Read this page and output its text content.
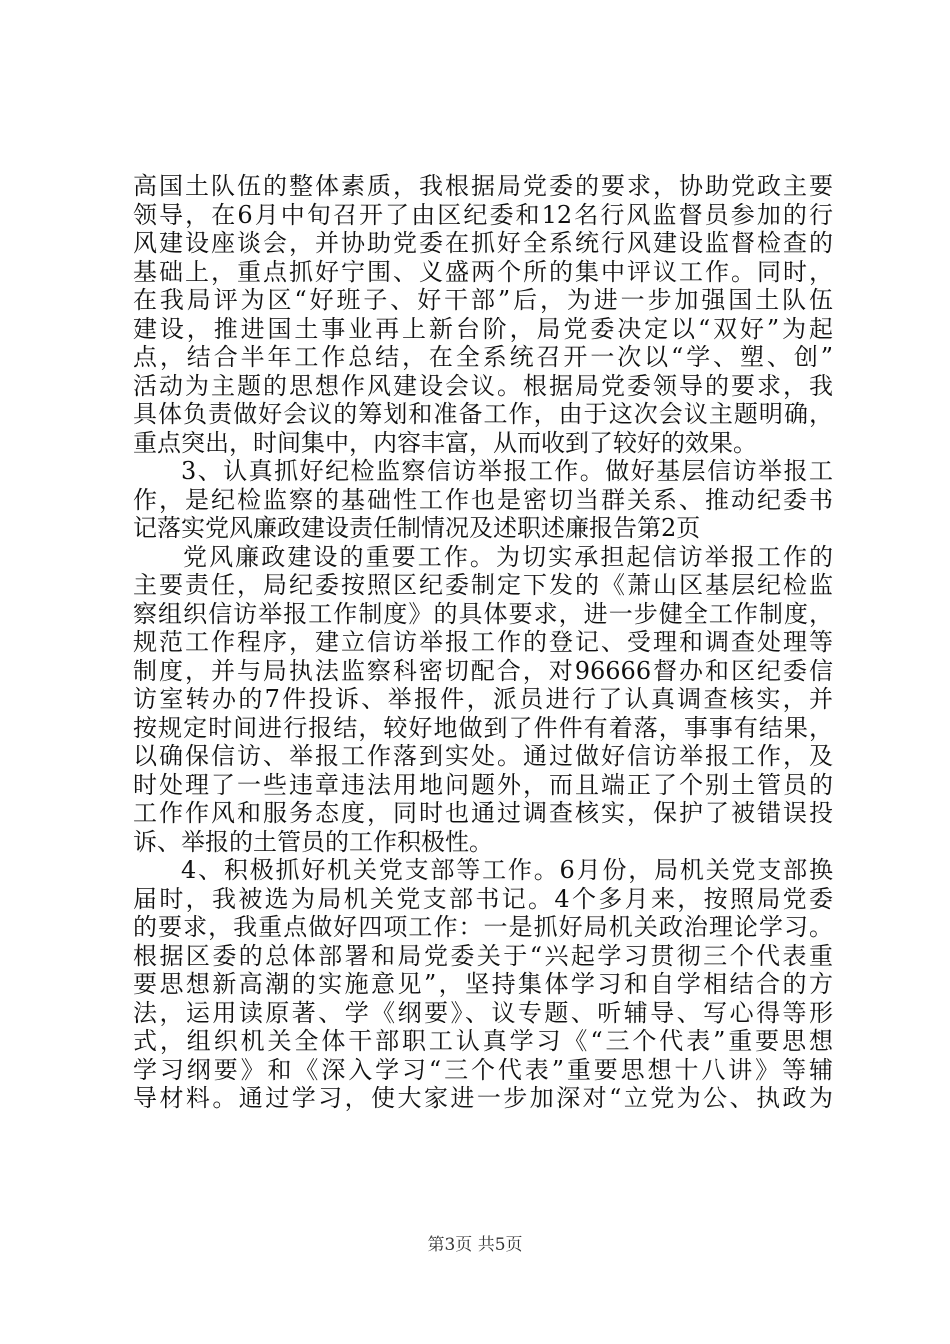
高国土队伍的整体素质，我根据局党委的要求，协助党政主要
领导，在6月中旬召开了由区纪委和12名行风监督员参加的行
风建设座谈会，并协助党委在抓好全系统行风建设监督检查的
基础上，重点抓好宁围、义盛两个所的集中评议工作。同时，
在我局评为区“好班子、好干部”后，为进一步加强国土队伍
建设，推进国土事业再上新台阶，局党委决定以“双好”为起
点，结合半年工作总结，在全系统召开一次以“学、塑、创”
活动为主题的思想作风建设会议。根据局党委领导的要求，我
具体负责做好会议的筹划和准备工作，由于这次会议主题明确，
重点突出，时间集中，内容丰富，从而收到了较好的效果。
3、认真抓好纪检监察信访举报工作。做好基层信访举报工
作，是纪检监察的基础性工作也是密切当群关系、推动纪委书
记落实党风廉政建设责任制情况及述职述廉报告第2页
党风廉政建设的重要工作。为切实承担起信访举报工作的
主要责任，局纪委按照区纪委制定下发的《萧山区基层纪检监
察组织信访举报工作制度》的具体要求，进一步健全工作制度，
规范工作程序，建立信访举报工作的登记、受理和调查处理等
制度，并与局执法监察科密切配合，对96666督办和区纪委信
访室转办的7件投诉、举报件，派员进行了认真调查核实，并
按规定时间进行报结，较好地做到了件件有着落，事事有结果，
以确保信访、举报工作落到实处。通过做好信访举报工作，及
时处理了一些违章违法用地问题外，而且端正了个别土管员的
工作作风和服务态度，同时也通过调查核实，保护了被错误投
诉、举报的土管员的工作积极性。
4、积极抓好机关党支部等工作。6月份，局机关党支部换
届时，我被选为局机关党支部书记。4个多月来，按照局党委
的要求，我重点做好四项工作：一是抓好局机关政治理论学习。
根据区委的总体部署和局党委关于“兴起学习贯彻三个代表重
要思想新高潮的实施意见”，坚持集体学习和自学相结合的方
法，运用读原著、学《纲要》、议专题、听辅导、写心得等形
式，组织机关全体干部职工认真学习《“三个代表”重要思想
学习纲要》和《深入学习“三个代表”重要思想十八讲》等辅
导材料。通过学习，使大家进一步加深对“立党为公、执政为
第3页 共5页
